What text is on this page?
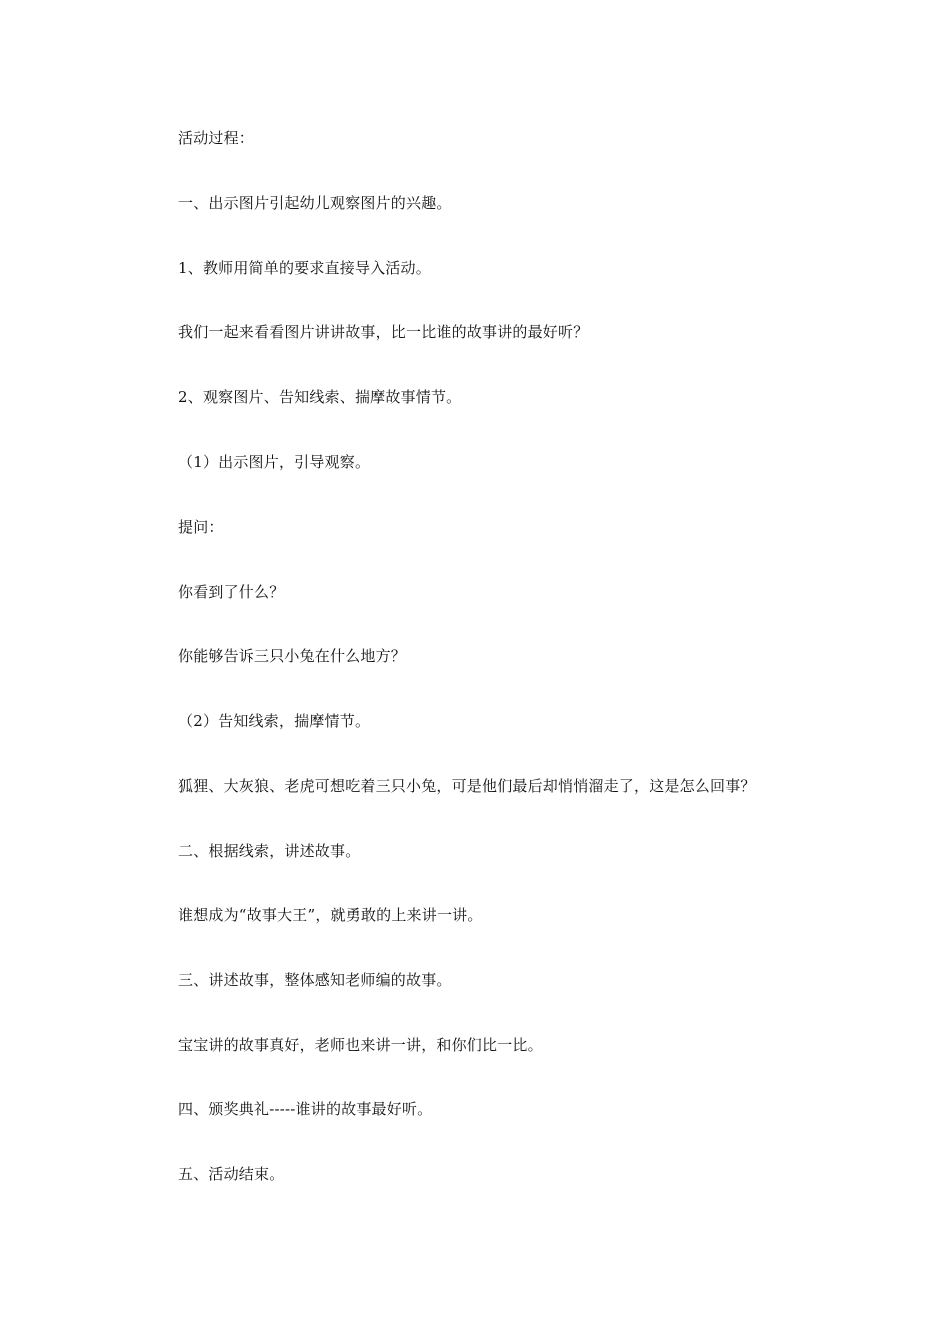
活动过程：
一、出示图片引起幼儿观察图片的兴趣。
1、教师用简单的要求直接导入活动。
我们一起来看看图片讲讲故事，比一比谁的故事讲的最好听？
2、观察图片、告知线索、揣摩故事情节。
（1）出示图片，引导观察。
提问：
你看到了什么？
你能够告诉三只小兔在什么地方？
（2）告知线索，揣摩情节。
狐狸、大灰狼、老虎可想吃着三只小兔，可是他们最后却悄悄溜走了，这是怎么回事？
二、根据线索，讲述故事。
谁想成为“故事大王”，就勇敢的上来讲一讲。
三、讲述故事，整体感知老师编的故事。
宝宝讲的故事真好，老师也来讲一讲，和你们比一比。
四、颁奖典礼-----谁讲的故事最好听。
五、活动结束。
